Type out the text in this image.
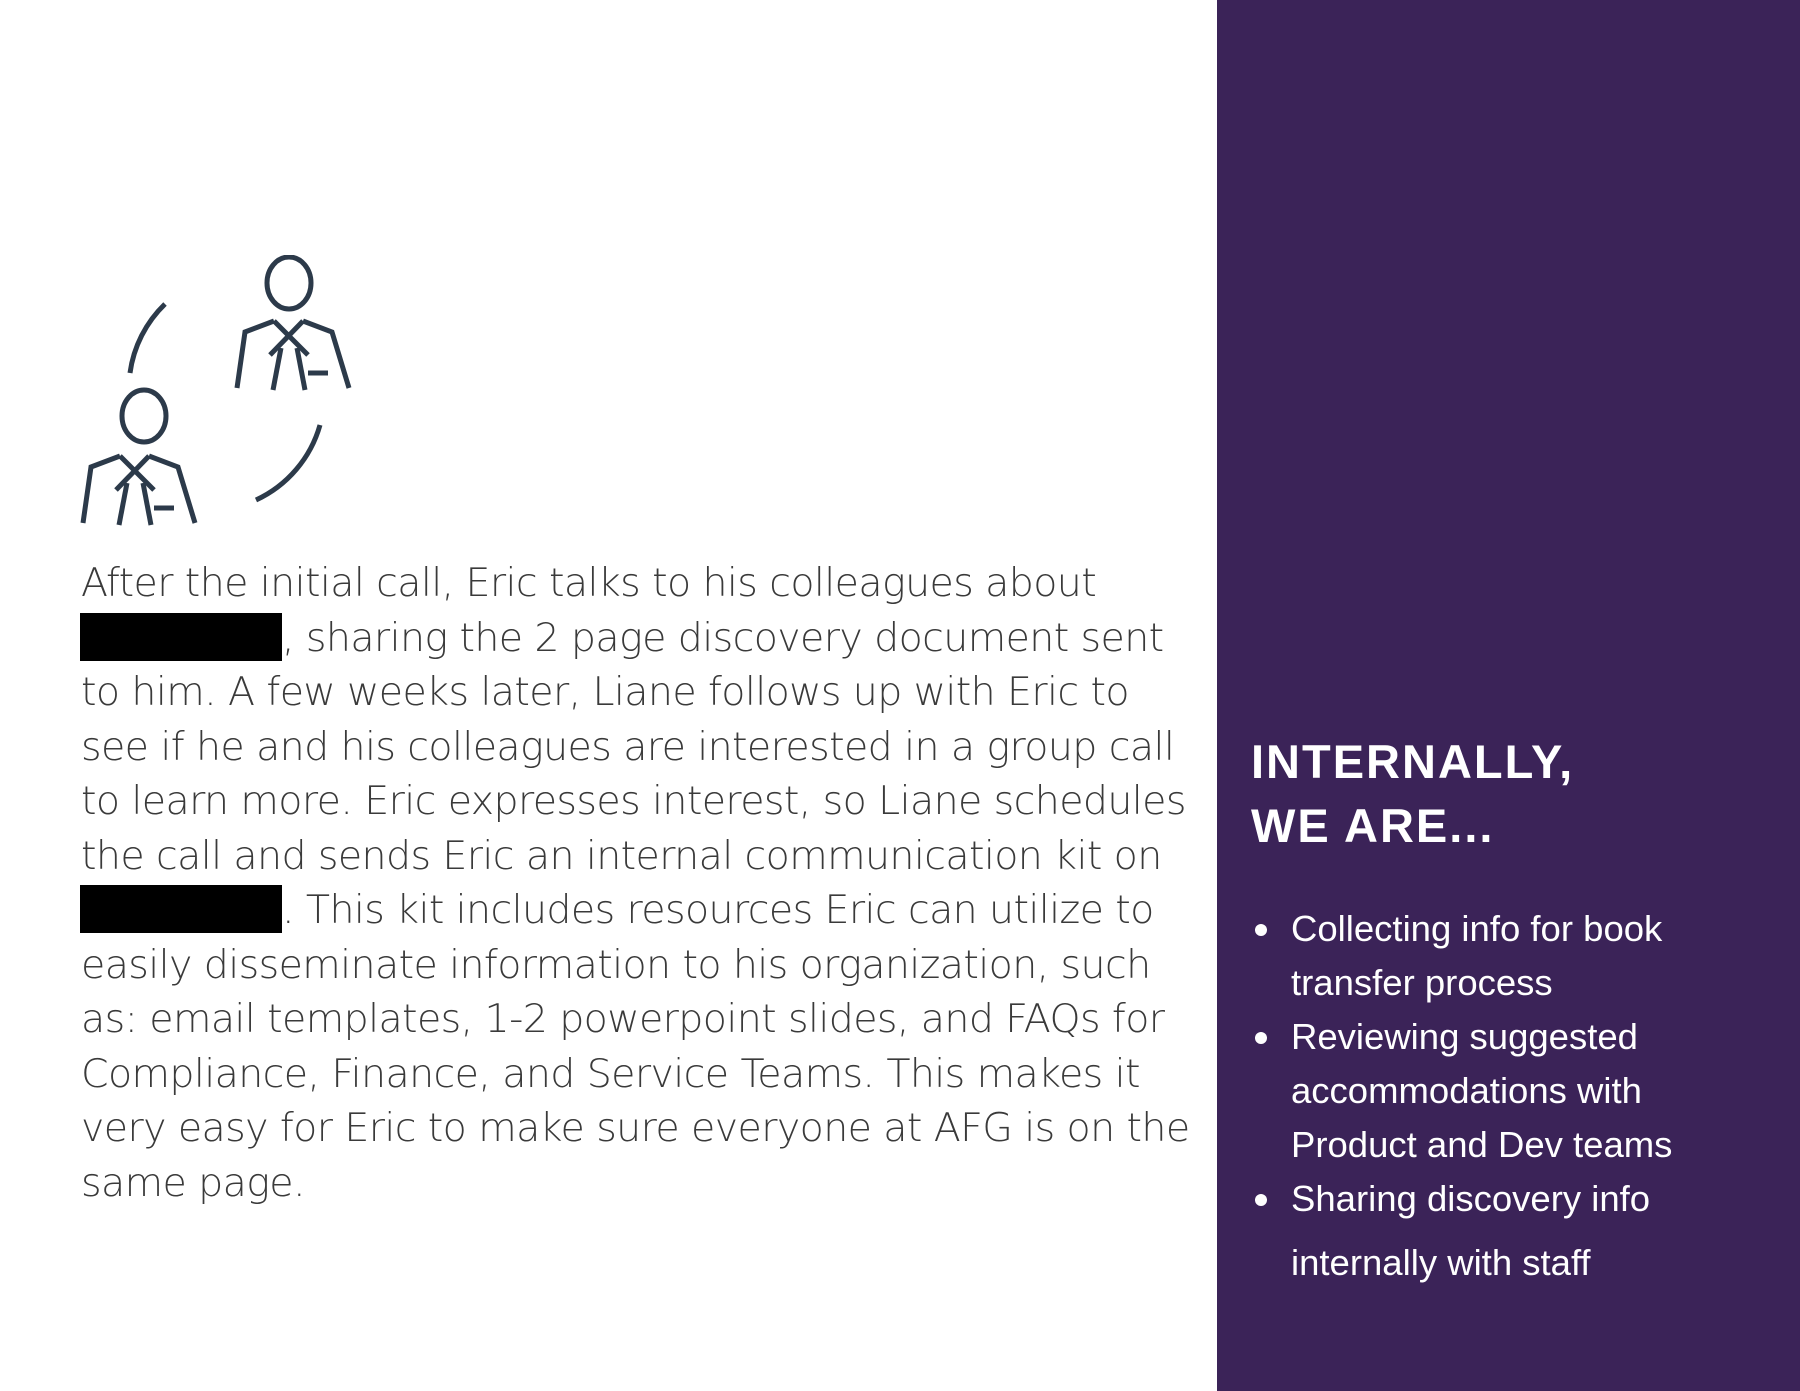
After the initial call, Eric talks to his colleagues about
, sharing the 2 page discovery document sent
to him. A few weeks later, Liane follows up with Eric to
see if he and his colleagues are interested in a group call
to learn more. Eric expresses interest, so Liane schedules
the call and sends Eric an internal communication kit on
. This kit includes resources Eric can utilize to
easily disseminate information to his organization, such
as: email templates, 1-2 powerpoint slides, and FAQs for
Compliance, Finance, and Service Teams. This makes it
very easy for Eric to make sure everyone at AFG is on the
same page.

INTERNALLY,
WE ARE...
Collecting info for book
transfer process
Reviewing suggested
accommodations with
Product and Dev teams
Sharing discovery info
internally with staff
